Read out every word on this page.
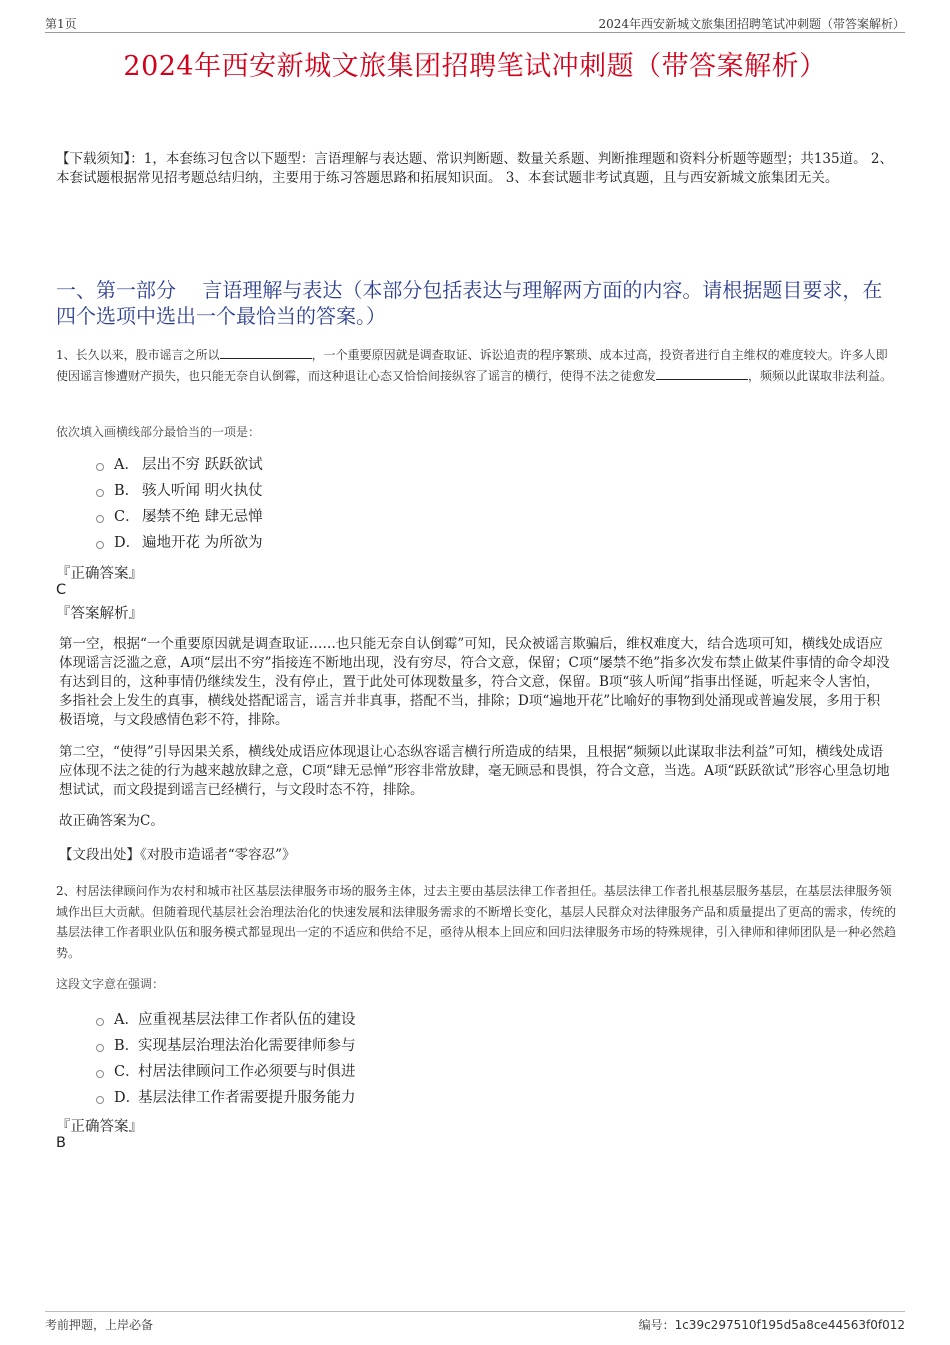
第1页	2024年西安新城文旅集团招聘笔试冲刺题（带答案解析）
2024年西安新城文旅集团招聘笔试冲刺题（带答案解析）
【下载须知】：1，本套练习包含以下题型：言语理解与表达题、常识判断题、数量关系题、判断推理题和资料分析题等题型；共135道。 2、本套试题根据常见招考题总结归纳，主要用于练习答题思路和拓展知识面。 3、本套试题非考试真题，且与西安新城文旅集团无关。
一、第一部分　 言语理解与表达（本部分包括表达与理解两方面的内容。请根据题目要求，在四个选项中选出一个最恰当的答案。）
1、长久以来，股市谣言之所以	，一个重要原因就是调查取证、诉讼追责的程序繁琐、成本过高，投资者进行自主维权的难度较大。许多人即使因谣言惨遭财产损失，也只能无奈自认倒霉，而这种退让心态又恰恰间接纵容了谣言的横行，使得不法之徒愈发	，频频以此谋取非法利益。
依次填入画横线部分最恰当的一项是：
A． 层出不穷 跃跃欲试
B． 骇人听闻 明火执仗
C． 屡禁不绝 肆无忌惮
D． 遍地开花 为所欲为
『正确答案』
C
『答案解析』
第一空，根据“一个重要原因就是调查取证……也只能无奈自认倒霉”可知，民众被谣言欺骗后，维权难度大，结合选项可知，横线处成语应体现谣言泛滥之意，A项“层出不穷”指接连不断地出现，没有穷尽，符合文意，保留；C项“屡禁不绝”指多次发布禁止做某件事情的命令却没有达到目的，这种事情仍继续发生，没有停止，置于此处可体现数量多，符合文意，保留。B项“骇人听闻”指事出怪诞，听起来令人害怕，多指社会上发生的真事，横线处搭配谣言，谣言并非真事，搭配不当，排除；D项“遍地开花”比喻好的事物到处涌现或普遍发展，多用于积极语境，与文段感情色彩不符，排除。
第二空，“使得”引导因果关系，横线处成语应体现退让心态纵容谣言横行所造成的结果，且根据“频频以此谋取非法利益”可知，横线处成语应体现不法之徒的行为越来越放肆之意，C项“肆无忌惮”形容非常放肆，毫无顾忌和畏惧，符合文意，当选。A项“跃跃欲试”形容心里急切地想试试，而文段提到谣言已经横行，与文段时态不符，排除。
故正确答案为C。
【文段出处】《对股市造谣者“零容忍”》
2、村居法律顾问作为农村和城市社区基层法律服务市场的服务主体，过去主要由基层法律工作者担任。基层法律工作者扎根基层服务基层，在基层法律服务领域作出巨大贡献。但随着现代基层社会治理法治化的快速发展和法律服务需求的不断增长变化，基层人民群众对法律服务产品和质量提出了更高的需求，传统的基层法律工作者职业队伍和服务模式都显现出一定的不适应和供给不足，亟待从根本上回应和回归法律服务市场的特殊规律，引入律师和律师团队是一种必然趋势。
这段文字意在强调：
A． 应重视基层法律工作者队伍的建设
B．
实现基层治理法治化需要律师参与
C．
村居法律顾问工作必须要与时俱进
D．
基层法律工作者需要提升服务能力
『正确答案』
B
考前押题，上岸必备	编号：1c39c297510f195d5a8ce44563f0f012
